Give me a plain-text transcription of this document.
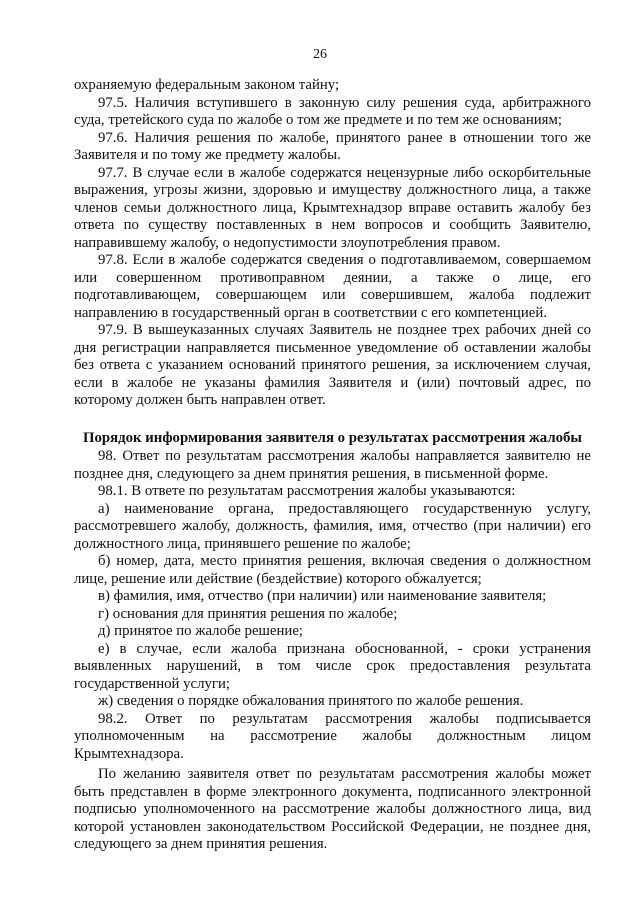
26

охраняемую федеральным законом тайну;

97.5. Наличия вступившего в законную силу решения суда, арбитражного суда, третейского суда по жалобе о том же предмете и по тем же основаниям;

97.6. Наличия решения по жалобе, принятого ранее в отношении того же Заявителя и по тому же предмету жалобы.

97.7. В случае если в жалобе содержатся нецензурные либо оскорбительные выражения, угрозы жизни, здоровью и имуществу должностного лица, а также членов семьи должностного лица, Крымтехнадзор вправе оставить жалобу без ответа по существу поставленных в нем вопросов и сообщить Заявителю, направившему жалобу, о недопустимости злоупотребления правом.

97.8. Если в жалобе содержатся сведения о подготавливаемом, совершаемом или совершенном противоправном деянии, а также о лице, его подготавливающем, совершающем или совершившем, жалоба подлежит направлению в государственный орган в соответствии с его компетенцией.

97.9. В вышеуказанных случаях Заявитель не позднее трех рабочих дней со дня регистрации направляется письменное уведомление об оставлении жалобы без ответа с указанием оснований принятого решения, за исключением случая, если в жалобе не указаны фамилия Заявителя и (или) почтовый адрес, по которому должен быть направлен ответ.

Порядок информирования заявителя о результатах рассмотрения жалобы

98. Ответ по результатам рассмотрения жалобы направляется заявителю не позднее дня, следующего за днем принятия решения, в письменной форме.

98.1. В ответе по результатам рассмотрения жалобы указываются:

а) наименование органа, предоставляющего государственную услугу, рассмотревшего жалобу, должность, фамилия, имя, отчество (при наличии) его должностного лица, принявшего решение по жалобе;

б) номер, дата, место принятия решения, включая сведения о должностном лице, решение или действие (бездействие) которого обжалуется;

в) фамилия, имя, отчество (при наличии) или наименование заявителя;

г) основания для принятия решения по жалобе;

д) принятое по жалобе решение;

е) в случае, если жалоба признана обоснованной, - сроки устранения выявленных нарушений, в том числе срок предоставления результата государственной услуги;

ж) сведения о порядке обжалования принятого по жалобе решения.

98.2. Ответ по результатам рассмотрения жалобы подписывается уполномоченным на рассмотрение жалобы должностным лицом Крымтехнадзора.

По желанию заявителя ответ по результатам рассмотрения жалобы может быть представлен в форме электронного документа, подписанного электронной подписью уполномоченного на рассмотрение жалобы должностного лица, вид которой установлен законодательством Российской Федерации, не позднее дня, следующего за днем принятия решения.
